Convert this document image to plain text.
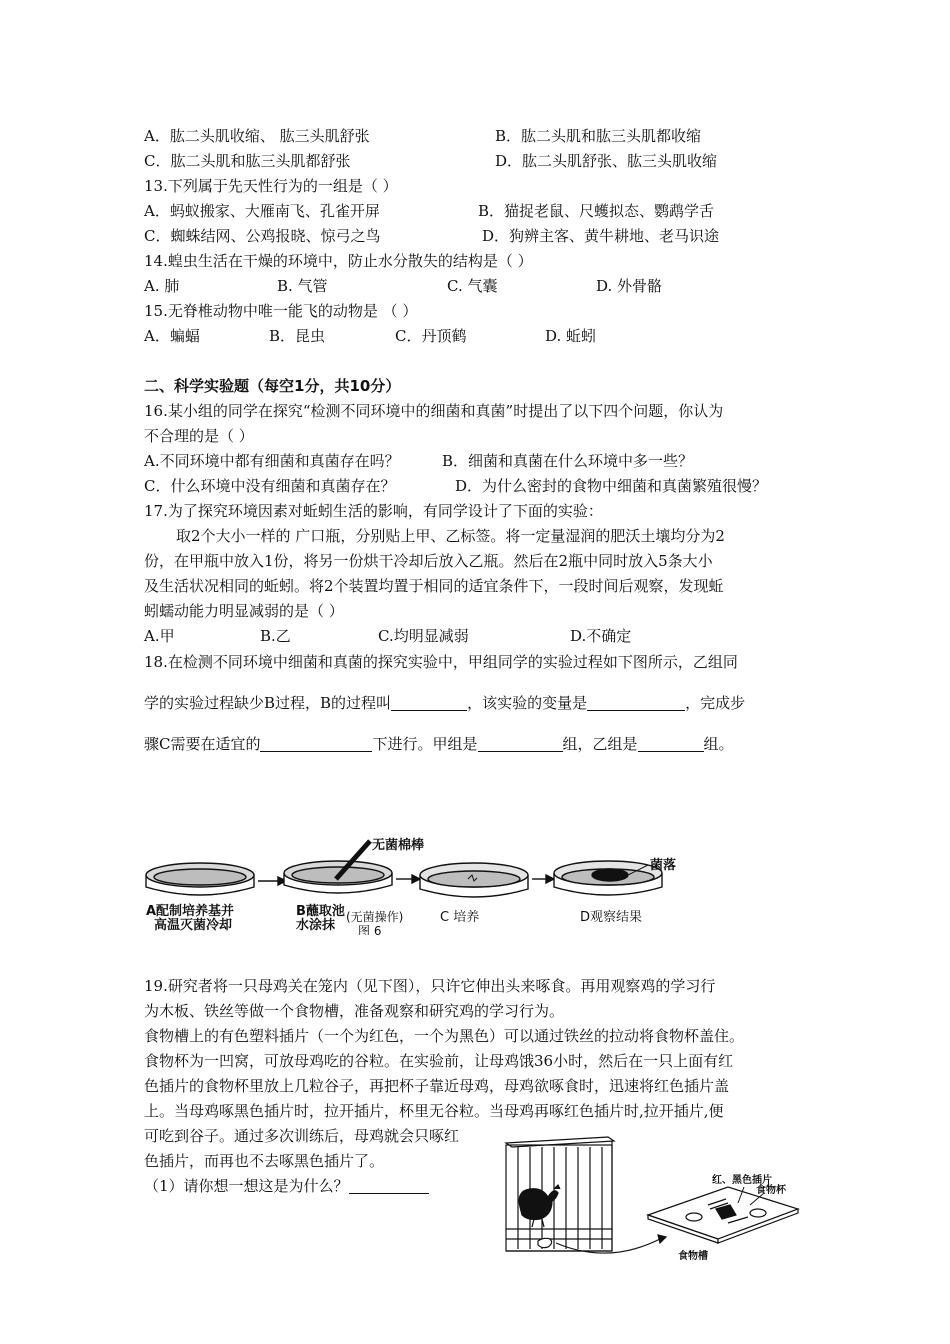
A．肱二头肌收缩、 肱三头肌舒张	B．肱二头肌和肱三头肌都收缩
C．肱二头肌和肱三头肌都舒张	D．肱二头肌舒张、肱三头肌收缩
13.下列属于先天性行为的一组是（ ）
A．蚂蚁搬家、大雁南飞、孔雀开屏	B．猫捉老鼠、尺蠖拟态、鹦鹉学舌
C．蜘蛛结网、公鸡报晓、惊弓之鸟	D．狗辨主客、黄牛耕地、老马识途
14.蝗虫生活在干燥的环境中，防止水分散失的结构是（ ）
A. 肺	B. 气管	C. 气囊	D. 外骨骼
15.无脊椎动物中唯一能飞的动物是 （ ）
A．蝙蝠	B．昆虫	C．丹顶鹤	D. 蚯蚓
二、科学实验题（每空1分，共10分）
16.某小组的同学在探究“检测不同环境中的细菌和真菌”时提出了以下四个问题，你认为
不合理的是（ ）
A.不同环境中都有细菌和真菌存在吗？	B．细菌和真菌在什么环境中多一些？
C．什么环境中没有细菌和真菌存在？	D．为什么密封的食物中细菌和真菌繁殖很慢？
17.为了探究环境因素对蚯蚓生活的影响，有同学设计了下面的实验：
取2个大小一样的 广口瓶，分别贴上甲、乙标签。将一定量湿润的肥沃土壤均分为2
份，在甲瓶中放入1份，将另一份烘干冷却后放入乙瓶。然后在2瓶中同时放入5条大小
及生活状况相同的蚯蚓。将2个装置均置于相同的适宜条件下，一段时间后观察，发现蚯
蚓蠕动能力明显减弱的是（ ）
A.甲	B.乙	C.均明显减弱	D.不确定
18.在检测不同环境中细菌和真菌的探究实验中，甲组同学的实验过程如下图所示，乙组同
学的实验过程缺少B过程，B的过程叫	，该实验的变量是	，完成步
骤C需要在适宜的	下进行。甲组是	组，乙组是	组。
无菌棉棒
菌落
A配制培养基并
高温灭菌冷却
B蘸取池
水涂抹
(无菌操作)
图 6
C 培养	D观察结果
19.研究者将一只母鸡关在笼内（见下图），只许它伸出头来啄食。再用观察鸡的学习行
为木板、铁丝等做一个食物槽，准备观察和研究鸡的学习行为。
食物槽上的有色塑料插片（一个为红色，一个为黑色）可以通过铁丝的拉动将食物杯盖住。
食物杯为一凹窝，可放母鸡吃的谷粒。在实验前，让母鸡饿36小时，然后在一只上面有红
色插片的食物杯里放上几粒谷子，再把杯子靠近母鸡，母鸡欲啄食时，迅速将红色插片盖
上。当母鸡啄黑色插片时，拉开插片，杯里无谷粒。当母鸡再啄红色插片时,拉开插片,便
可吃到谷子。通过多次训练后，母鸡就会只啄红
色插片，而再也不去啄黑色插片了。
（1）请你想一想这是为什么？	红、黑色插片
食物杯
食物槽
